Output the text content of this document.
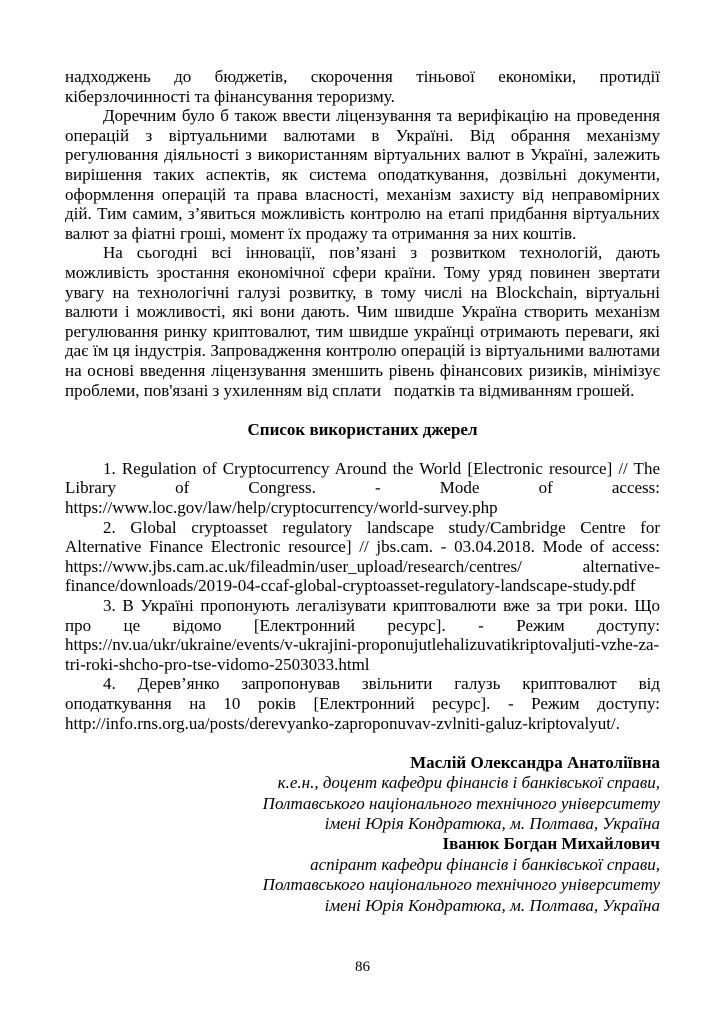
надходжень до бюджетів, скорочення тіньової економіки, протидії кіберзлочинності та фінансування тероризму.

Доречним було б також ввести ліцензування та верифікацію на проведення операцій з віртуальними валютами в Україні. Від обрання механізму регулювання діяльності з використанням віртуальних валют в Україні, залежить вирішення таких аспектів, як система оподаткування, дозвільні документи, оформлення операцій та права власності, механізм захисту від неправомірних дій. Тим самим, з’явиться можливість контролю на етапі придбання віртуальних валют за фіатні гроші, момент їх продажу та отримання за них коштів.

На сьогодні всі інновації, пов’язані з розвитком технологій, дають можливість зростання економічної сфери країни. Тому уряд повинен звертати увагу на технологічні галузі розвитку, в тому числі на Blockchain, віртуальні валюти і можливості, які вони дають. Чим швидше Україна створить механізм регулювання ринку криптовалют, тим швидше українці отримають переваги, які дає їм ця індустрія. Запровадження контролю операцій із віртуальними валютами на основі введення ліцензування зменшить рівень фінансових ризиків, мінімізує проблеми, пов'язані з ухиленням від сплати   податків та відмиванням грошей.

Список використаних джерел

1. Regulation of Cryptocurrency Around the World [Electronic resource] // The Library of Congress. - Mode of access: https://www.loc.gov/law/help/cryptocurrency/world-survey.php

2. Global cryptoasset regulatory landscape study/Cambridge Centre for Alternative Finance Electronic resource] // jbs.cam. - 03.04.2018. Mode of access: https://www.jbs.cam.ac.uk/fileadmin/user_upload/research/centres/ alternative-finance/downloads/2019-04-ccaf-global-cryptoasset-regulatory-landscape-study.pdf

3. В Україні пропонують легалізувати криптовалюти вже за три роки. Що про це відомо [Електронний ресурс]. - Режим доступу: https://nv.ua/ukr/ukraine/events/v-ukrajini-proponujutlehalizuvatikriptovaljuti-vzhe-za-tri-roki-shcho-pro-tse-vidomo-2503033.html

4. Дерев’янко запропонував звільнити галузь криптовалют від оподаткування на 10 років [Електронний ресурс]. - Режим доступу: http://info.rns.org.ua/posts/derevyanko-zaproponuvav-zvlniti-galuz-kriptovalyut/.

Маслій Олександра Анатоліївна

к.е.н., доцент кафедри фінансів і банківської справи,

Полтавського національного технічного університету

імені Юрія Кондратюка, м. Полтава, Україна

Іванюк Богдан Михайлович

аспірант кафедри фінансів і банківської справи,

Полтавського національного технічного університету

імені Юрія Кондратюка, м. Полтава, Україна

86
